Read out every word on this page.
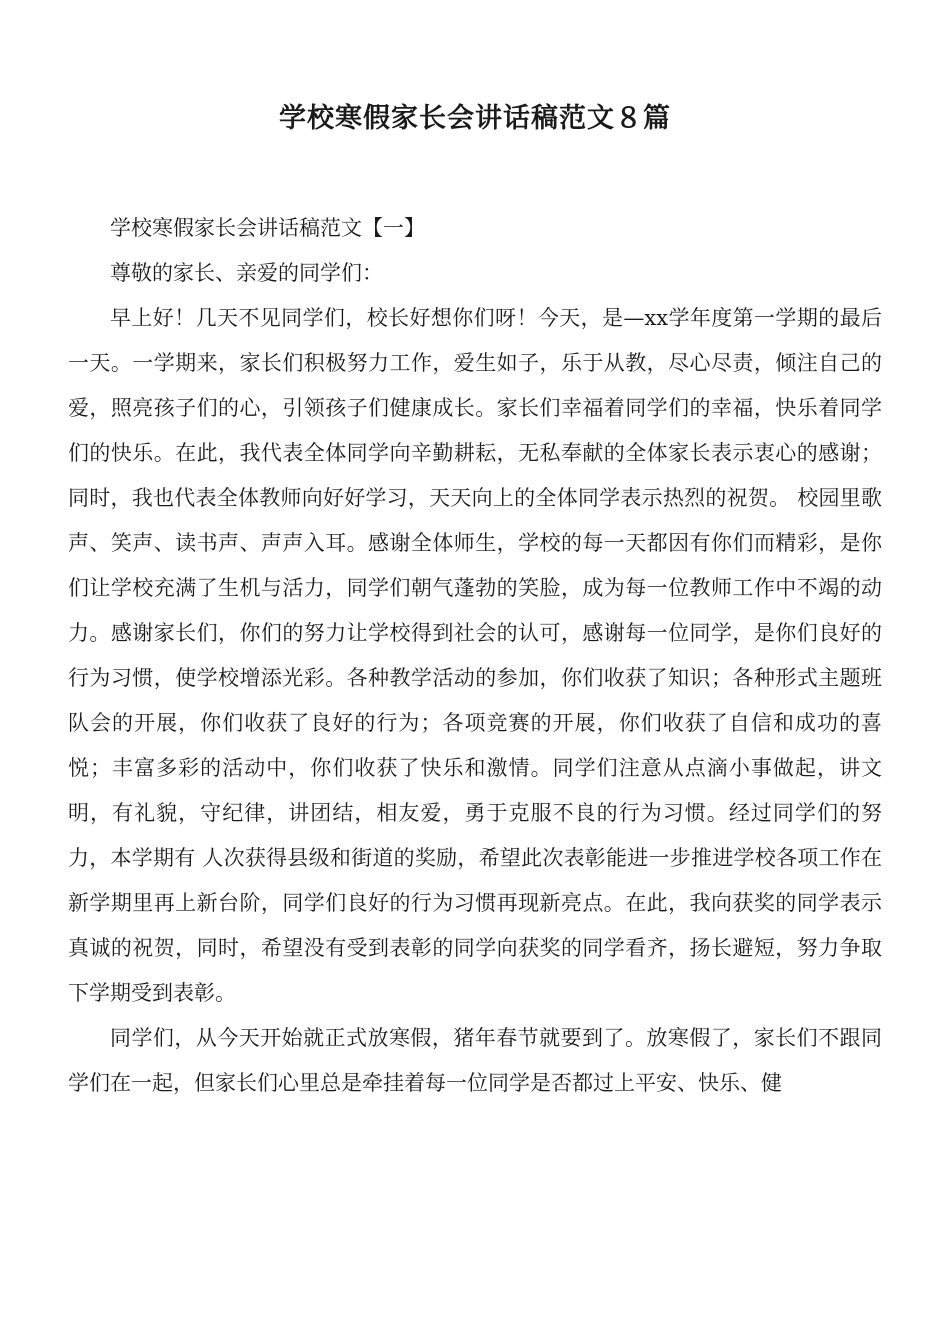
学校寒假家长会讲话稿范文８篇

学校寒假家长会讲话稿范文【一】

尊敬的家长、亲爱的同学们：

早上好！几天不见同学们，校长好想你们呀！今天，是—xx学年度第一学期的最后一天。一学期来，家长们积极努力工作，爱生如子，乐于从教，尽心尽责，倾注自己的爱，照亮孩子们的心，引领孩子们健康成长。家长们幸福着同学们的幸福，快乐着同学们的快乐。在此，我代表全体同学向辛勤耕耘，无私奉献的全体家长表示衷心的感谢；同时，我也代表全体教师向好好学习，天天向上的全体同学表示热烈的祝贺。 校园里歌声、笑声、读书声、声声入耳。感谢全体师生，学校的每一天都因有你们而精彩，是你们让学校充满了生机与活力，同学们朝气蓬勃的笑脸，成为每一位教师工作中不竭的动力。感谢家长们，你们的努力让学校得到社会的认可，感谢每一位同学，是你们良好的行为习惯，使学校增添光彩。各种教学活动的参加，你们收获了知识；各种形式主题班队会的开展，你们收获了良好的行为；各项竞赛的开展，你们收获了自信和成功的喜悦；丰富多彩的活动中，你们收获了快乐和激情。同学们注意从点滴小事做起，讲文明，有礼貌，守纪律，讲团结，相友爱，勇于克服不良的行为习惯。经过同学们的努力，本学期有 人次获得县级和街道的奖励，希望此次表彰能进一步推进学校各项工作在新学期里再上新台阶，同学们良好的行为习惯再现新亮点。在此，我向获奖的同学表示真诚的祝贺，同时，希望没有受到表彰的同学向获奖的同学看齐，扬长避短，努力争取下学期受到表彰。

同学们，从今天开始就正式放寒假，猪年春节就要到了。放寒假了，家长们不跟同学们在一起，但家长们心里总是牵挂着每一位同学是否都过上平安、快乐、健
